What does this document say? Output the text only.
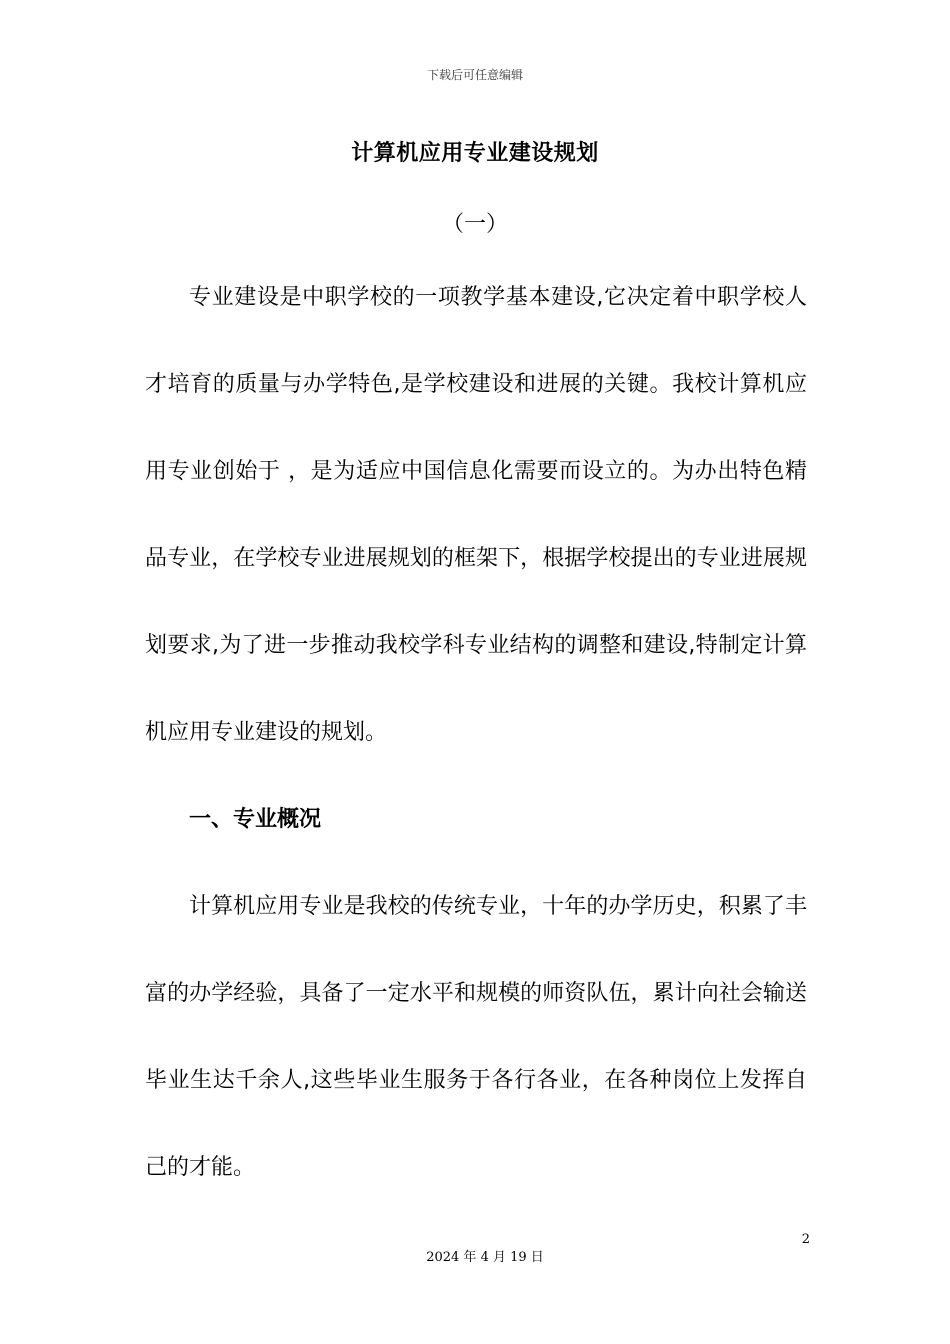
下载后可任意编辑
计算机应用专业建设规划
（一）

专业建设是中职学校的一项教学基本建设,它决定着中职学校人才培育的质量与办学特色,是学校建设和进展的关键。我校计算机应用专业创始于 ，是为适应中国信息化需要而设立的。为办出特色精品专业，在学校专业进展规划的框架下，根据学校提出的专业进展规划要求,为了进一步推动我校学科专业结构的调整和建设,特制定计算机应用专业建设的规划。

一、专业概况

计算机应用专业是我校的传统专业，十年的办学历史，积累了丰富的办学经验，具备了一定水平和规模的师资队伍，累计向社会输送毕业生达千余人,这些毕业生服务于各行各业，在各种岗位上发挥自己的才能。

2
2024 年 4 月 19 日
